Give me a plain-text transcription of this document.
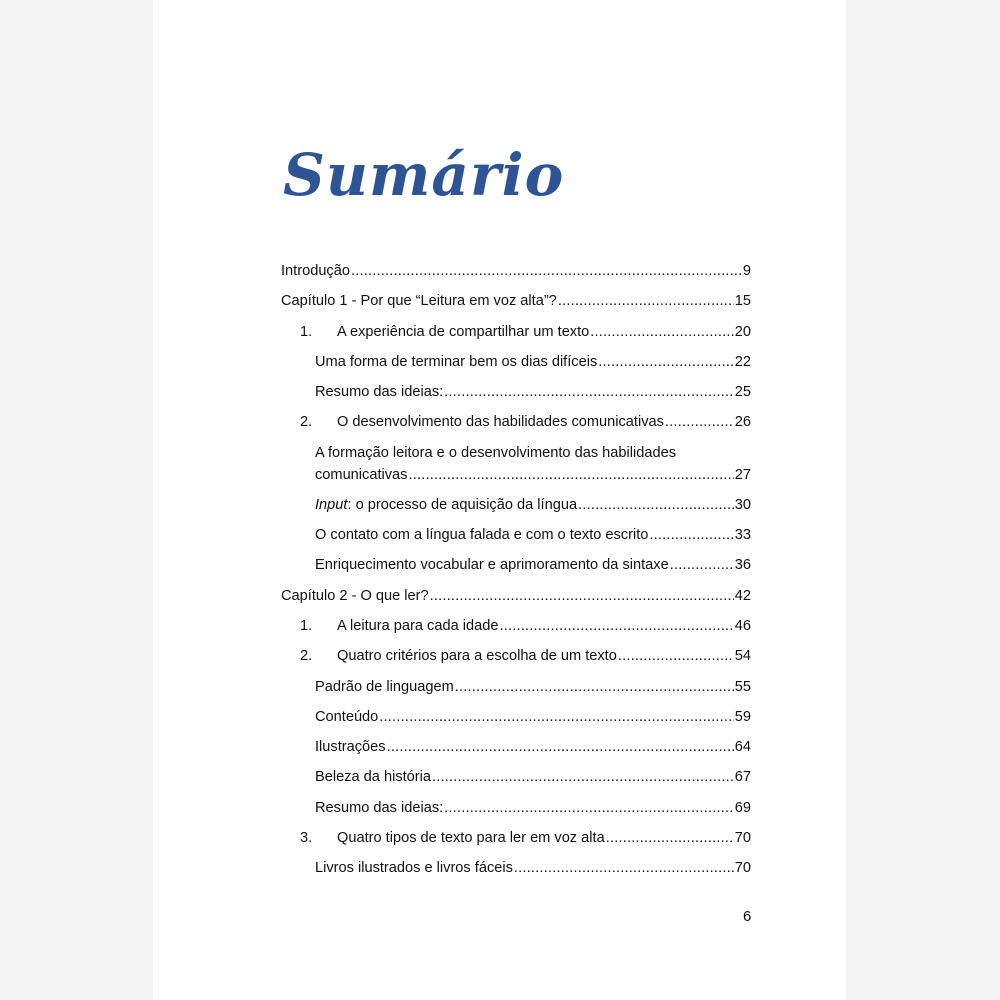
Sumário
Introdução .....	9
Capítulo 1 - Por que “Leitura em voz alta”? .....	15
1.	A experiência de compartilhar um texto .....	20
Uma forma de terminar bem os dias difíceis .....	22
Resumo das ideias: .....	25
2.	O desenvolvimento das habilidades comunicativas .....	26
A formação leitora e o desenvolvimento das habilidades
comunicativas .....	27
Input: o processo de aquisição da língua .....	30
O contato com a língua falada e com o texto escrito .....	33
Enriquecimento vocabular e aprimoramento da sintaxe .....	36
Capítulo 2 - O que ler? .....	42
1.	A leitura para cada idade .....	46
2.	Quatro critérios para a escolha de um texto .....	54
Padrão de linguagem .....	55
Conteúdo .....	59
Ilustrações .....	64
Beleza da história .....	67
Resumo das ideias: .....	69
3.	Quatro tipos de texto para ler em voz alta .....	70
Livros ilustrados e livros fáceis .....	70
6
